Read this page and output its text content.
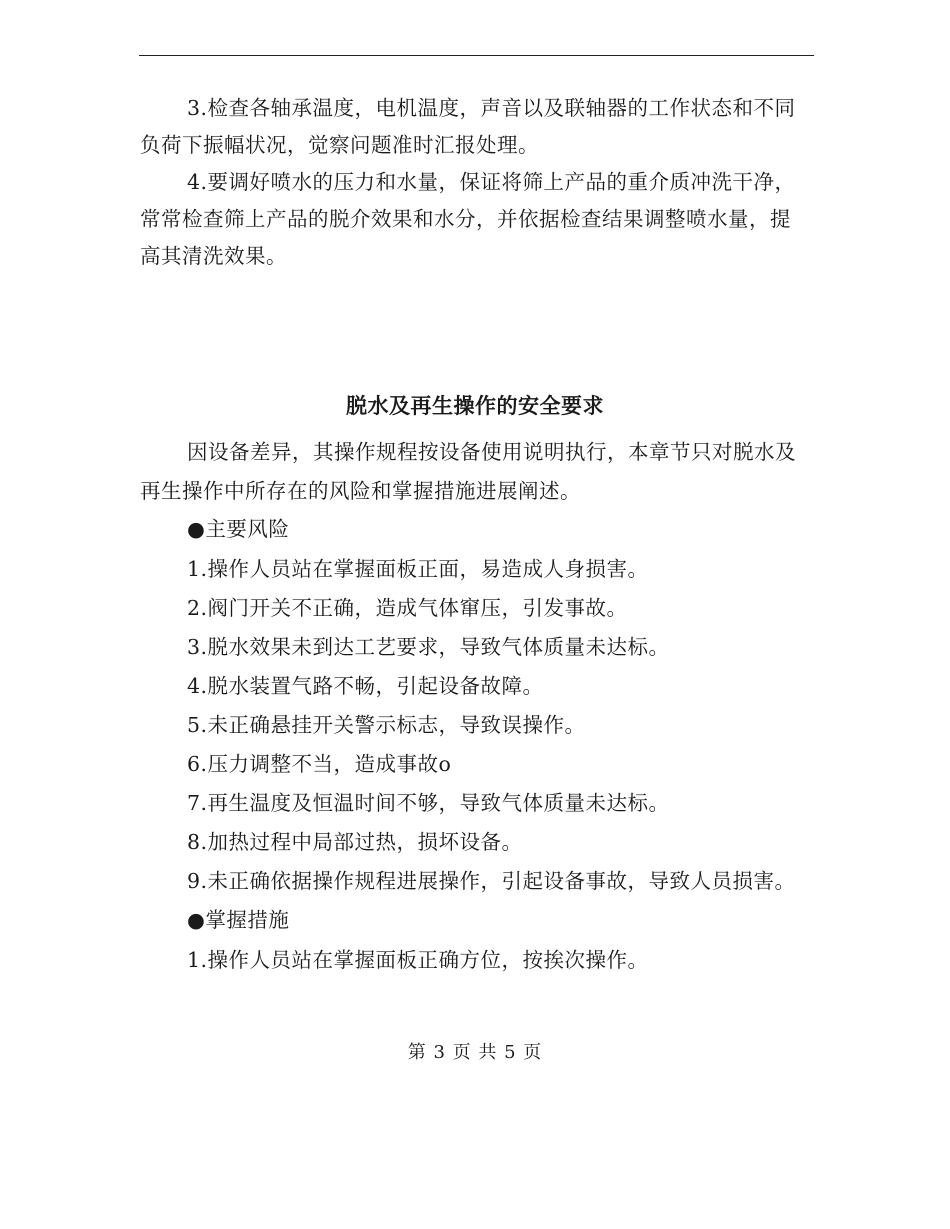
3.检查各轴承温度，电机温度，声音以及联轴器的工作状态和不同
负荷下振幅状况，觉察问题准时汇报处理。
4.要调好喷水的压力和水量，保证将筛上产品的重介质冲洗干净，
常常检查筛上产品的脱介效果和水分，并依据检查结果调整喷水量，提
高其清洗效果。
脱水及再生操作的安全要求
因设备差异，其操作规程按设备使用说明执行，本章节只对脱水及
再生操作中所存在的风险和掌握措施进展阐述。
●主要风险
1.操作人员站在掌握面板正面，易造成人身损害。
2.阀门开关不正确，造成气体窜压，引发事故。
3.脱水效果未到达工艺要求，导致气体质量未达标。
4.脱水装置气路不畅，引起设备故障。
5.未正确悬挂开关警示标志，导致误操作。
6.压力调整不当，造成事故o
7.再生温度及恒温时间不够，导致气体质量未达标。
8.加热过程中局部过热，损坏设备。
9.未正确依据操作规程进展操作，引起设备事故，导致人员损害。
●掌握措施
1.操作人员站在掌握面板正确方位，按挨次操作。
第 3 页 共 5 页
